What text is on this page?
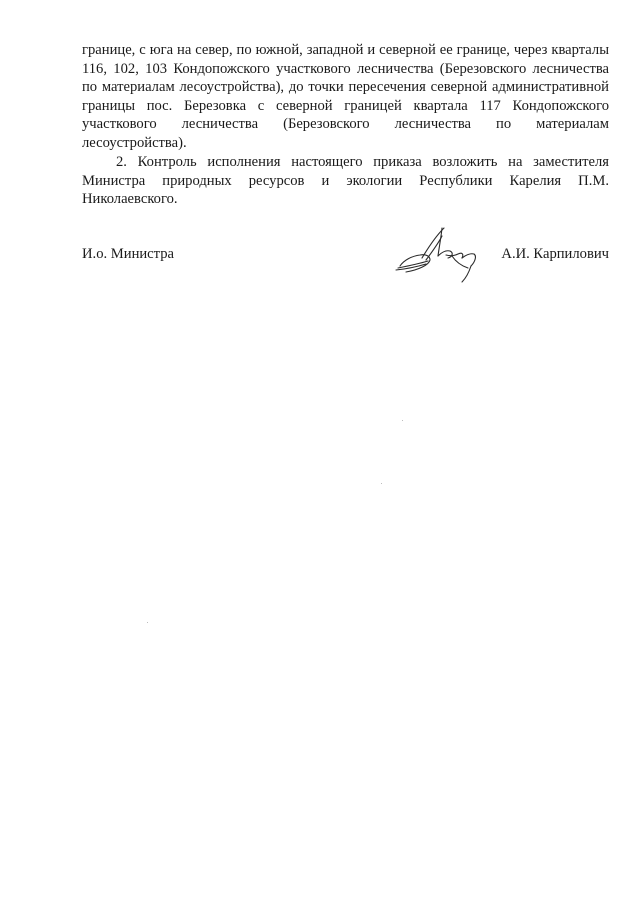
границе, с юга на север, по южной, западной и северной ее границе, через кварталы 116, 102, 103 Кондопожского участкового лесничества (Березовского лесничества по материалам лесоустройства), до точки пересечения северной административной границы пос. Березовка с северной границей квартала 117 Кондопожского участкового лесничества (Березовского лесничества по материалам лесоустройства).

2. Контроль исполнения настоящего приказа возложить на заместителя Министра природных ресурсов и экологии Республики Карелия П.М. Николаевского.

И.о. Министра	А.И. Карпилович
